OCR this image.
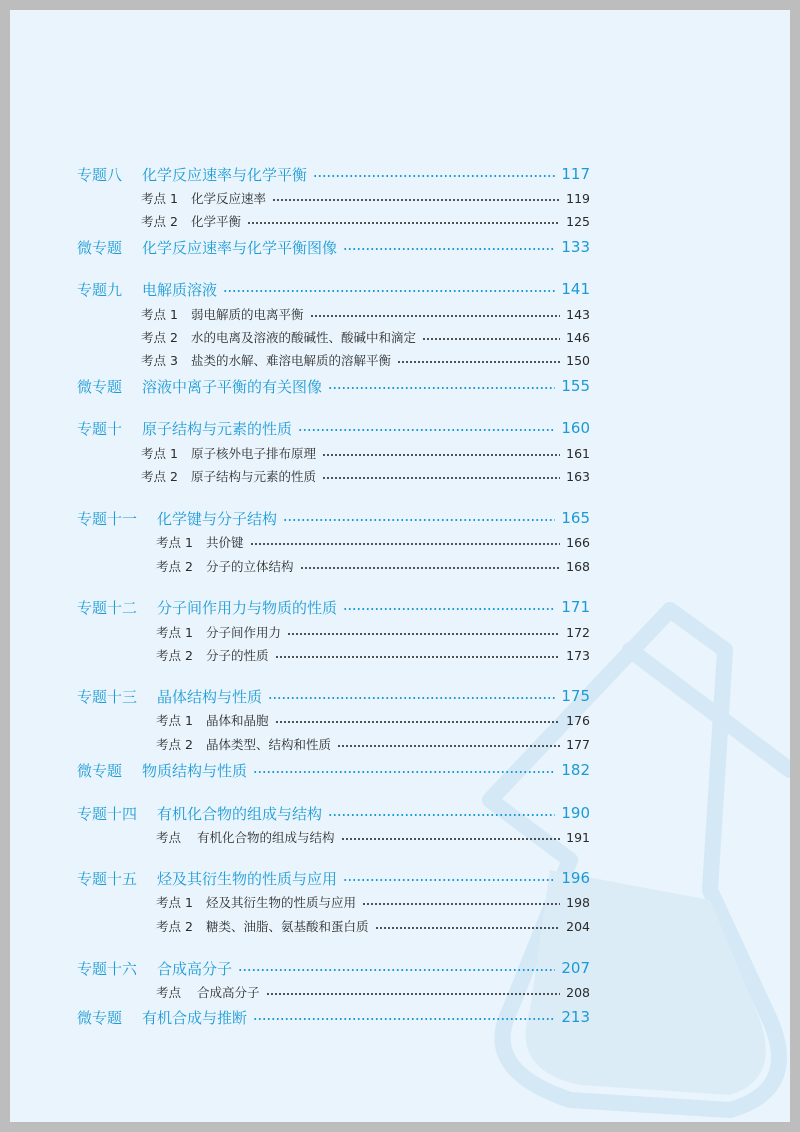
专题八	化学反应速率与化学平衡	117
考点 1	化学反应速率	119
考点 2	化学平衡	125
微专题	化学反应速率与化学平衡图像	133
专题九	电解质溶液	141
考点 1	弱电解质的电离平衡	143
考点 2	水的电离及溶液的酸碱性、酸碱中和滴定	146
考点 3	盐类的水解、难溶电解质的溶解平衡	150
微专题	溶液中离子平衡的有关图像	155
专题十	原子结构与元素的性质	160
考点 1	原子核外电子排布原理	161
考点 2	原子结构与元素的性质	163
专题十一	化学键与分子结构	165
考点 1	共价键	166
考点 2	分子的立体结构	168
专题十二	分子间作用力与物质的性质	171
考点 1	分子间作用力	172
考点 2	分子的性质	173
专题十三	晶体结构与性质	175
考点 1	晶体和晶胞	176
考点 2	晶体类型、结构和性质	177
微专题	物质结构与性质	182
专题十四	有机化合物的组成与结构	190
考点	有机化合物的组成与结构	191
专题十五	烃及其衍生物的性质与应用	196
考点 1	烃及其衍生物的性质与应用	198
考点 2	糖类、油脂、氨基酸和蛋白质	204
专题十六	合成高分子	207
考点	合成高分子	208
微专题	有机合成与推断	213
